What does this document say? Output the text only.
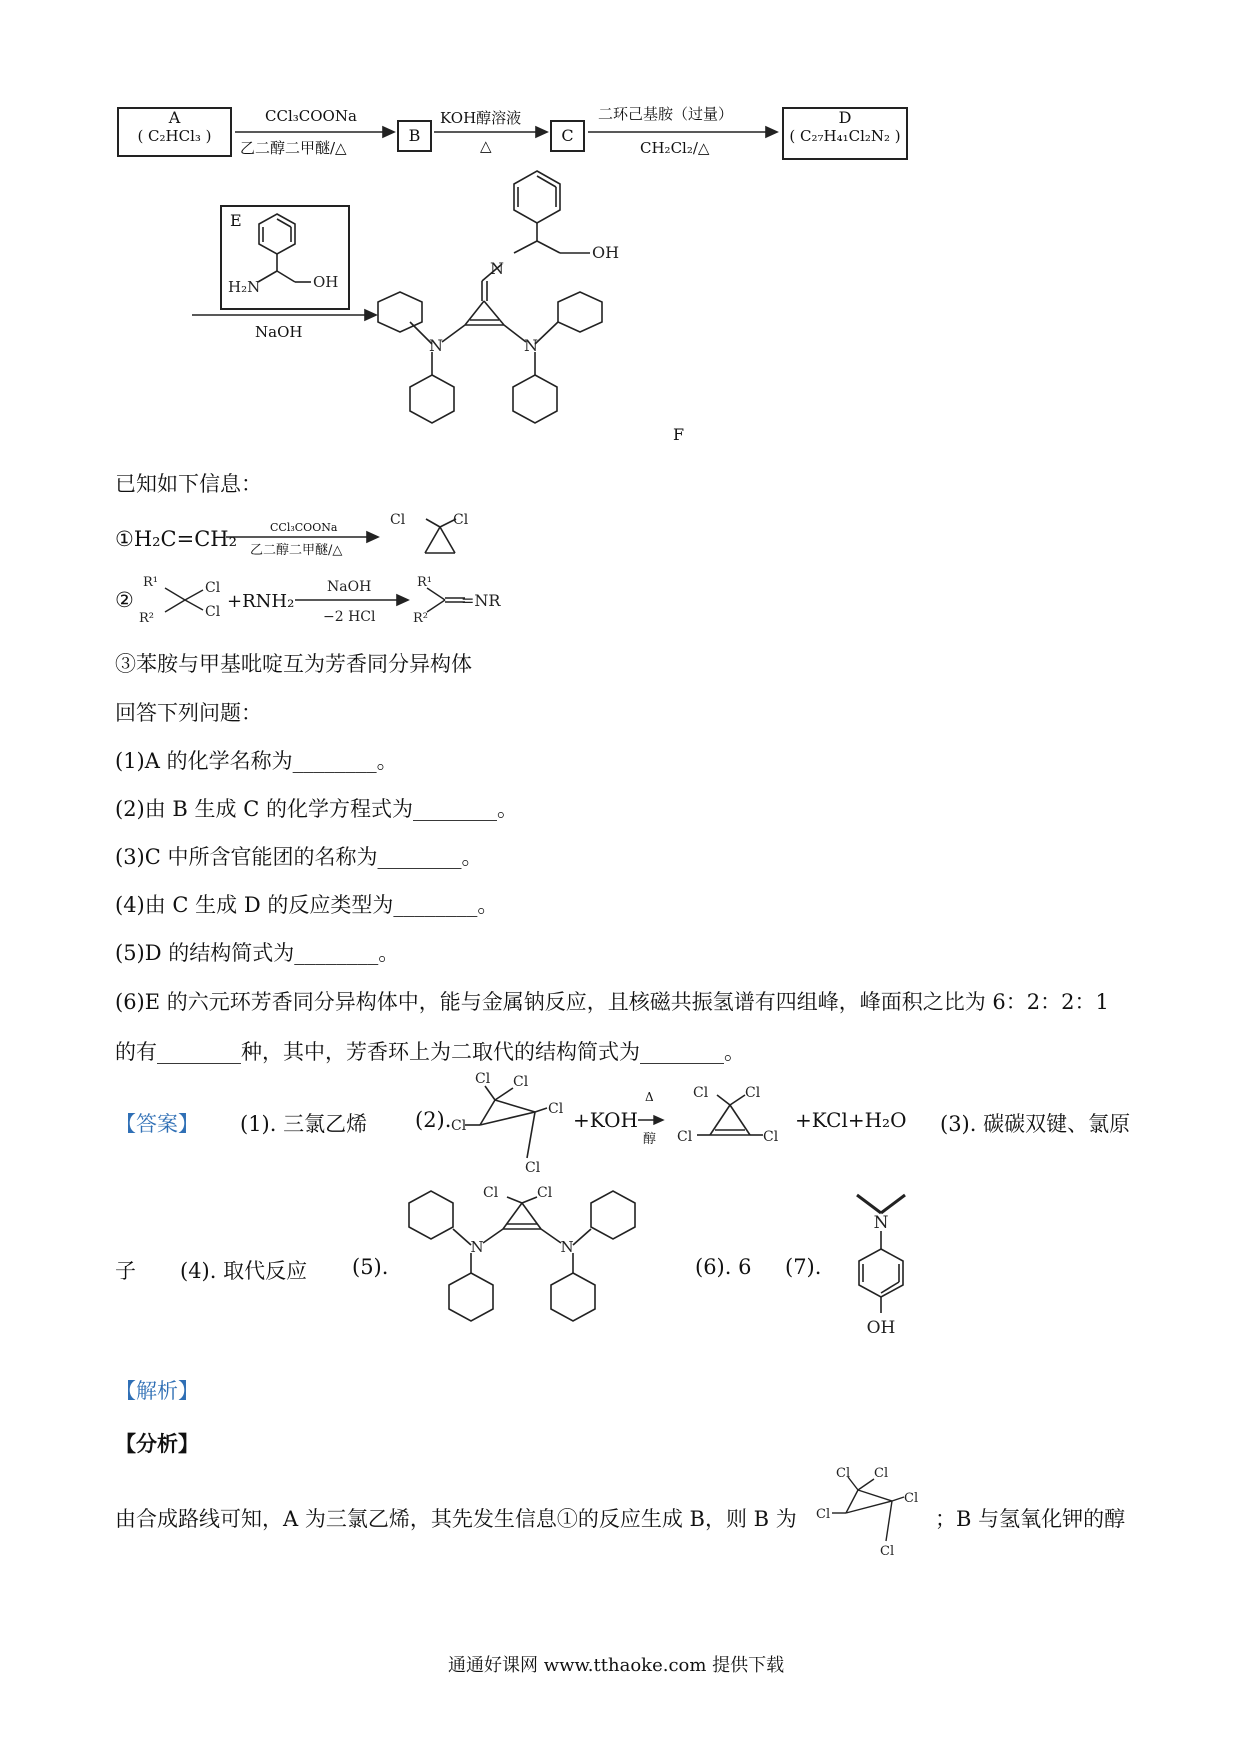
A
( C₂HCl₃ )
CCl₃COONa
乙二醇二甲醚/△
B
KOH醇溶液
△
C
二环己基胺（过量）
CH₂Cl₂/△
D
( C₂₇H₄₁Cl₂N₂ )
E
H₂N	OH
NaOH
N
OH
N	N
F
已知如下信息：
①H₂C=CH₂	CCl₃COONa
乙二醇二甲醚/△
Cl	Cl
②
R¹
R²
Cl
Cl +RNH₂
NaOH
−2 HCl
R¹
R²
=NR
③苯胺与甲基吡啶互为芳香同分异构体
回答下列问题：
(1)A 的化学名称为________。
(2)由 B 生成 C 的化学方程式为________。
(3)C 中所含官能团的名称为________。
(4)由 C 生成 D 的反应类型为________。
(5)D 的结构简式为________。
(6)E 的六元环芳香同分异构体中，能与金属钠反应，且核磁共振氢谱有四组峰，峰面积之比为 6：2：2：1
的有________种，其中，芳香环上为二取代的结构简式为________。
【答案】 (1). 三氯乙烯 (2).
Cl Cl
Cl
Cl
Cl
+KOH
Δ
醇
Cl	Cl
Cl	Cl
+KCl+H₂O (3). 碳碳双键、氯原
子 (4). 取代反应 (5).
Cl	Cl
N	N
(6). 6 (7).
N
OH
【解析】
【分析】
由合成路线可知，A 为三氯乙烯，其先发生信息①的反应生成 B，则 B 为
Cl Cl
Cl
Cl
Cl
；B 与氢氧化钾的醇
通通好课网 www.tthaoke.com 提供下载
